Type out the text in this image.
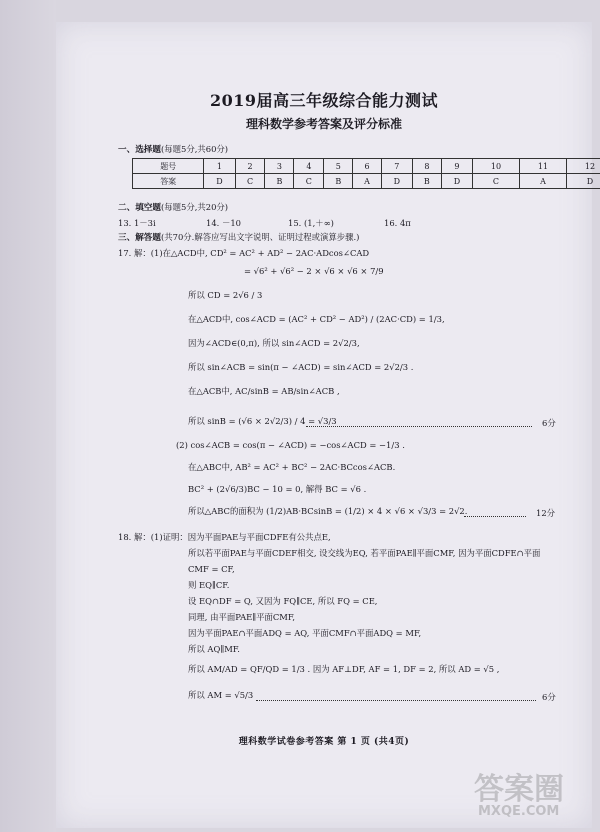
2019届高三年级综合能力测试
理科数学参考答案及评分标准
一、选择题(每题5分,共60分)
题号	1	2	3	4	5	6	7	8	9	10	11	12
答案	D	C	B	C	B	A	D	B	D	C	A	D
二、填空题(每题5分,共20分)
13. 1－3i	14. －10	15. (1,＋∞)	16. 4π
三、解答题(共70分.解答应写出文字说明、证明过程或演算步骤.)
17. 解：(1)在△ACD中, CD² = AC² + AD² − 2AC·ADcos∠CAD
= √6² + √6² − 2 × √6 × √6 × 7/9
所以 CD = 2√6 / 3
在△ACD中, cos∠ACD = (AC² + CD² − AD²) / (2AC·CD) = 1/3,
因为∠ACD∈(0,π), 所以 sin∠ACD = 2√2/3,
所以 sin∠ACB = sin(π − ∠ACD) = sin∠ACD = 2√2/3 .
在△ACB中, AC/sinB = AB/sin∠ACB ,
所以 sinB = (√6 × 2√2/3) / 4 = √3/3	6分
(2) cos∠ACB = cos(π − ∠ACD) = −cos∠ACD = −1/3 .
在△ABC中, AB² = AC² + BC² − 2AC·BCcos∠ACB.
BC² + (2√6/3)BC − 10 = 0, 解得 BC = √6 .
所以△ABC的面积为 (1/2)AB·BCsinB = (1/2) × 4 × √6 × √3/3 = 2√2.	12分
18. 解：(1)证明：因为平面PAE与平面CDFE有公共点E,
所以若平面PAE与平面CDEF相交, 设交线为EQ, 若平面PAE∥平面CMF, 因为平面CDFE∩平面
CMF = CF,
则 EQ∥CF.
设 EQ∩DF = Q, 又因为 FQ∥CE, 所以 FQ = CE,
同理, 由平面PAE∥平面CMF,
因为平面PAE∩平面ADQ = AQ, 平面CMF∩平面ADQ = MF,
所以 AQ∥MF.
所以 AM/AD = QF/QD = 1/3 . 因为 AF⊥DF, AF = 1, DF = 2, 所以 AD = √5 ,
所以 AM = √5/3	6分
理科数学试卷参考答案 第 1 页 (共4页)
答案圈
MXQE.COM
